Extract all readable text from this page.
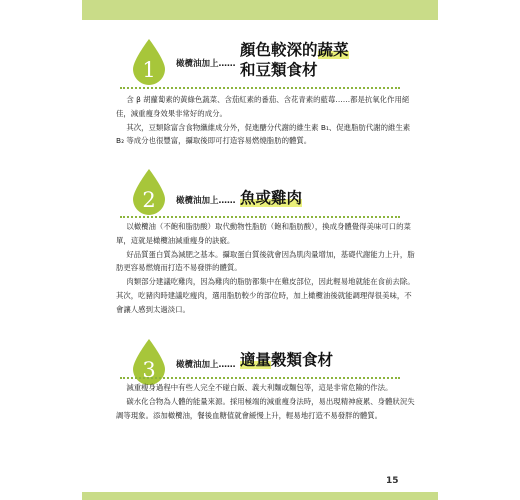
1 橄欖油加上……
顏色較深的蔬菜
和豆類食材

含 β 胡蘿蔔素的黃綠色蔬菜、含茄紅素的番茄、含花青素的藍莓……都是抗氧化作用絕佳，減重瘦身效果非常好的成分。

其次，豆類除富含食物纖維成分外，促進醣分代謝的維生素 B₁、促進脂肪代謝的維生素 B₂ 等成分也很豐富，攝取後即可打造容易燃燒脂肪的體質。

2 橄欖油加上…… 魚或雞肉

以橄欖油（不飽和脂肪酸）取代動物性脂肪（飽和脂肪酸），換成身體覺得美味可口的菜單，這就是橄欖油減重瘦身的訣竅。

好品質蛋白質為減肥之基本。攝取蛋白質後就會因為肌肉量增加，基礎代謝能力上升，脂肪更容易燃燒而打造不易發胖的體質。

肉類部分建議吃雞肉，因為雞肉的脂肪都集中在雞皮部位，因此輕易地就能在食前去除。其次，吃豬肉時建議吃瘦肉，選用脂肪較少的部位時，加上橄欖油後就能調理得很美味，不會讓人感到太過淡口。

3 橄欖油加上…… 適量穀類食材

減重瘦身過程中有些人完全不碰白飯、義大利麵或麵包等，這是非常危險的作法。

碳水化合物為人體的能量來源。採用極端的減重瘦身法時，易出現精神疲累、身體狀況失調等現象。添加橄欖油，餐後血糖值就會緩慢上升，輕易地打造不易發胖的體質。

15
